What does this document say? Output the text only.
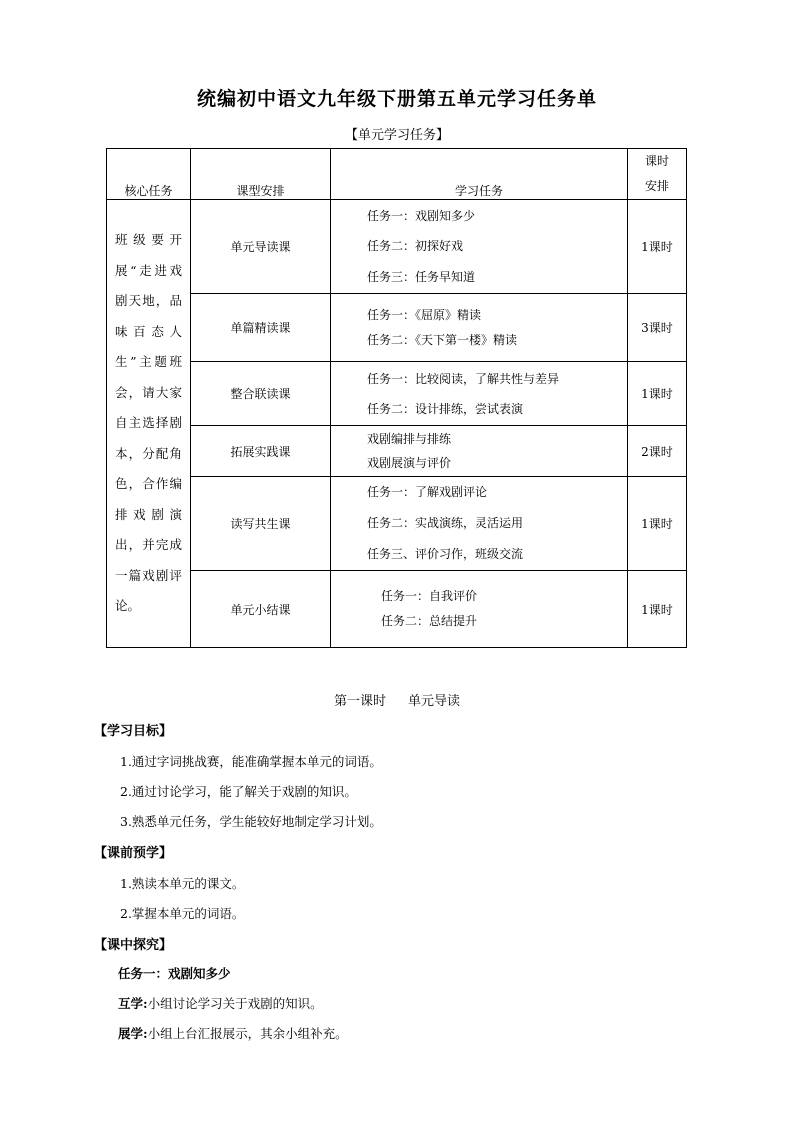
统编初中语文九年级下册第五单元学习任务单
【单元学习任务】
核心任务	课型安排	学习任务	课时
安排

班级要开展“走进戏剧天地，品味百态人生”主题班会，请大家自主选择剧本，分配角色，合作编排戏剧演出，并完成一篇戏剧评论。	单元导读课	任务一：戏剧知多少
任务二：初探好戏
任务三：任务早知道	1课时
	单篇精读课	任务一：《屈原》精读
任务二：《天下第一楼》精读	3课时
	整合联读课	任务一：比较阅读，了解共性与差异
任务二：设计排练，尝试表演	1课时
	拓展实践课	戏剧编排与排练
戏剧展演与评价	2课时
	读写共生课	任务一：了解戏剧评论
任务二：实战演练，灵活运用
任务三、评价习作，班级交流	1课时
	单元小结课	任务一：自我评价
任务二：总结提升	1课时
第一课时 单元导读
【学习目标】
1.通过字词挑战赛，能准确掌握本单元的词语。
2.通过讨论学习，能了解关于戏剧的知识。
3.熟悉单元任务，学生能较好地制定学习计划。
【课前预学】
1.熟读本单元的课文。
2.掌握本单元的词语。
【课中探究】
任务一：戏剧知多少
互学:小组讨论学习关于戏剧的知识。
展学:小组上台汇报展示，其余小组补充。
